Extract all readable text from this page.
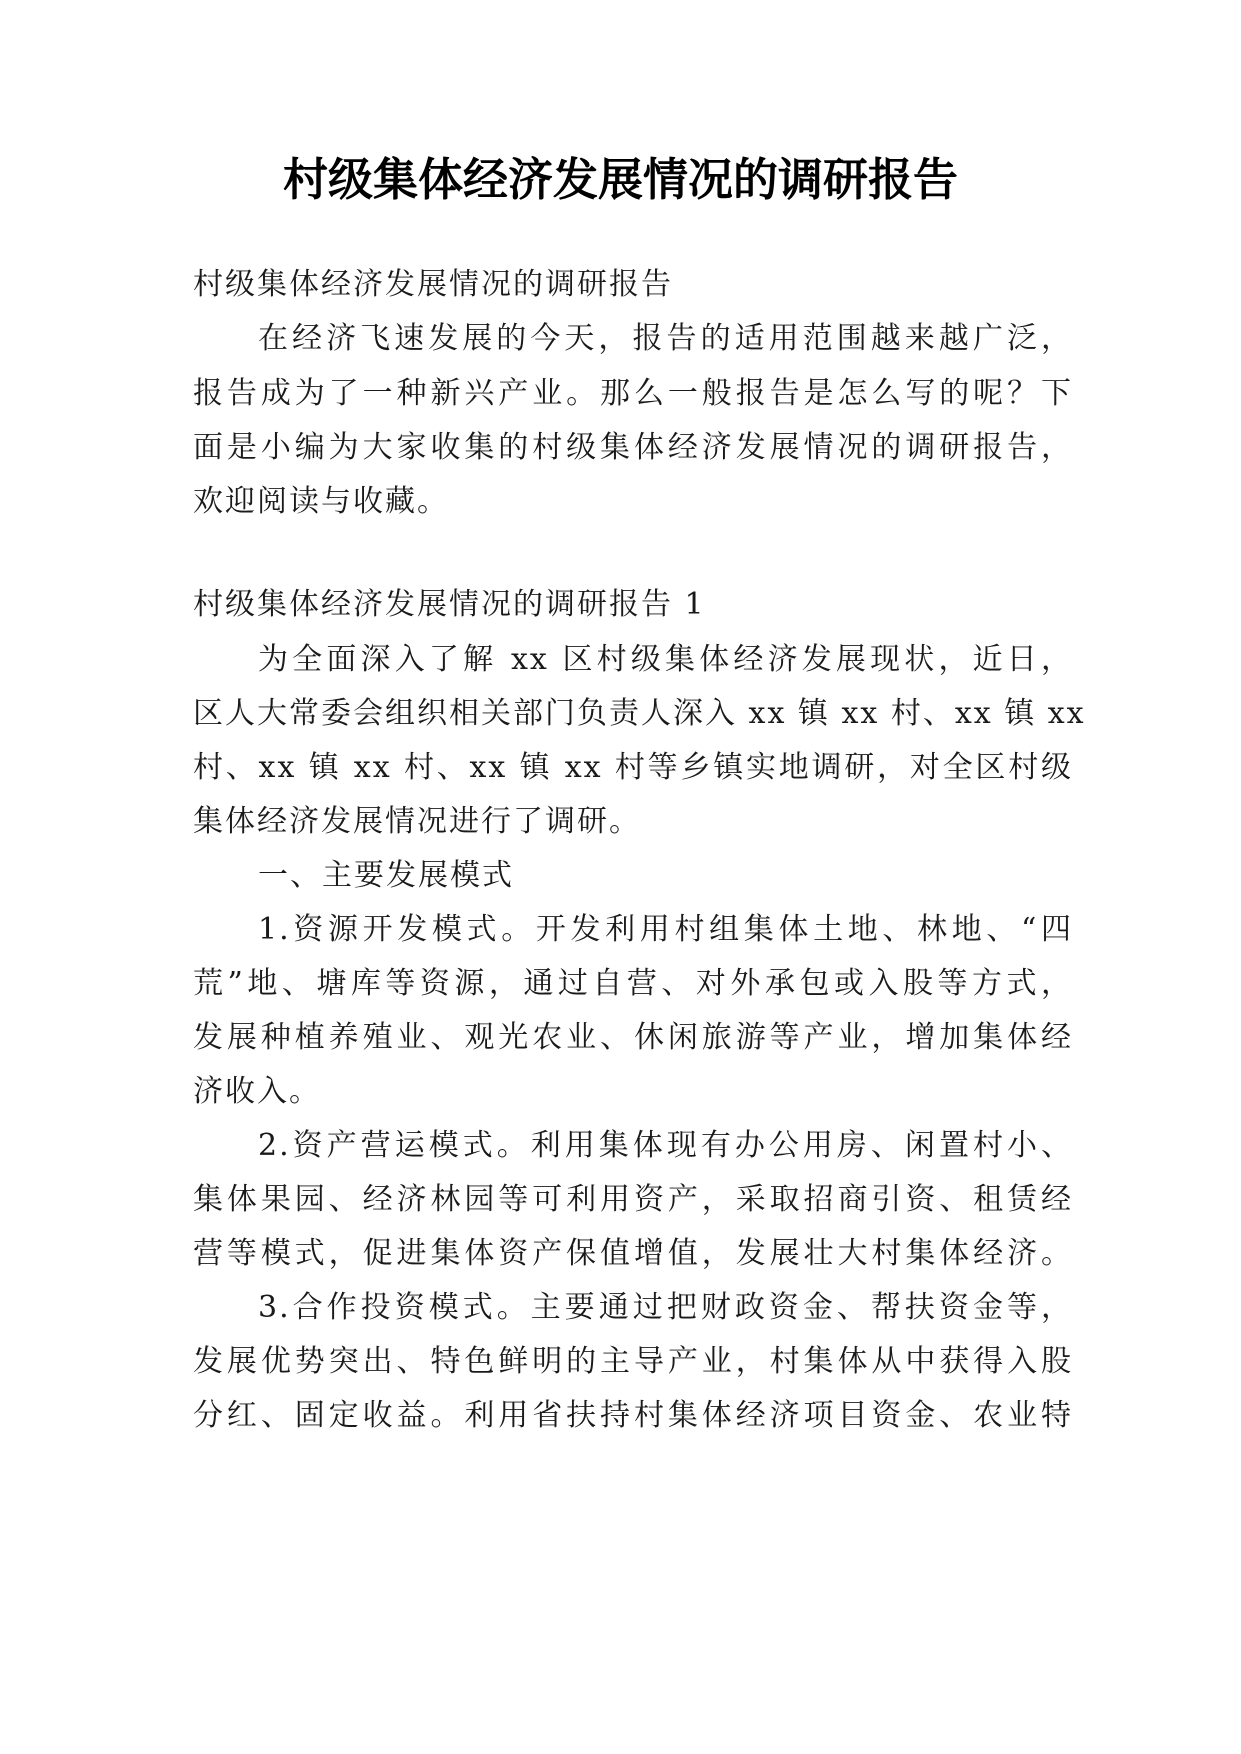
村级集体经济发展情况的调研报告
村级集体经济发展情况的调研报告
在经济飞速发展的今天，报告的适用范围越来越广泛，
报告成为了一种新兴产业。那么一般报告是怎么写的呢？下
面是小编为大家收集的村级集体经济发展情况的调研报告，
欢迎阅读与收藏。
村级集体经济发展情况的调研报告 1
为全面深入了解 xx 区村级集体经济发展现状，近日，
区人大常委会组织相关部门负责人深入 xx 镇 xx 村、xx 镇 xx
村、xx 镇 xx 村、xx 镇 xx 村等乡镇实地调研，对全区村级
集体经济发展情况进行了调研。
一、主要发展模式
1.资源开发模式。开发利用村组集体土地、林地、“四
荒”地、塘库等资源，通过自营、对外承包或入股等方式，
发展种植养殖业、观光农业、休闲旅游等产业，增加集体经
济收入。
2.资产营运模式。利用集体现有办公用房、闲置村小、
集体果园、经济林园等可利用资产，采取招商引资、租赁经
营等模式，促进集体资产保值增值，发展壮大村集体经济。
3.合作投资模式。主要通过把财政资金、帮扶资金等，
发展优势突出、特色鲜明的主导产业，村集体从中获得入股
分红、固定收益。利用省扶持村集体经济项目资金、农业特
